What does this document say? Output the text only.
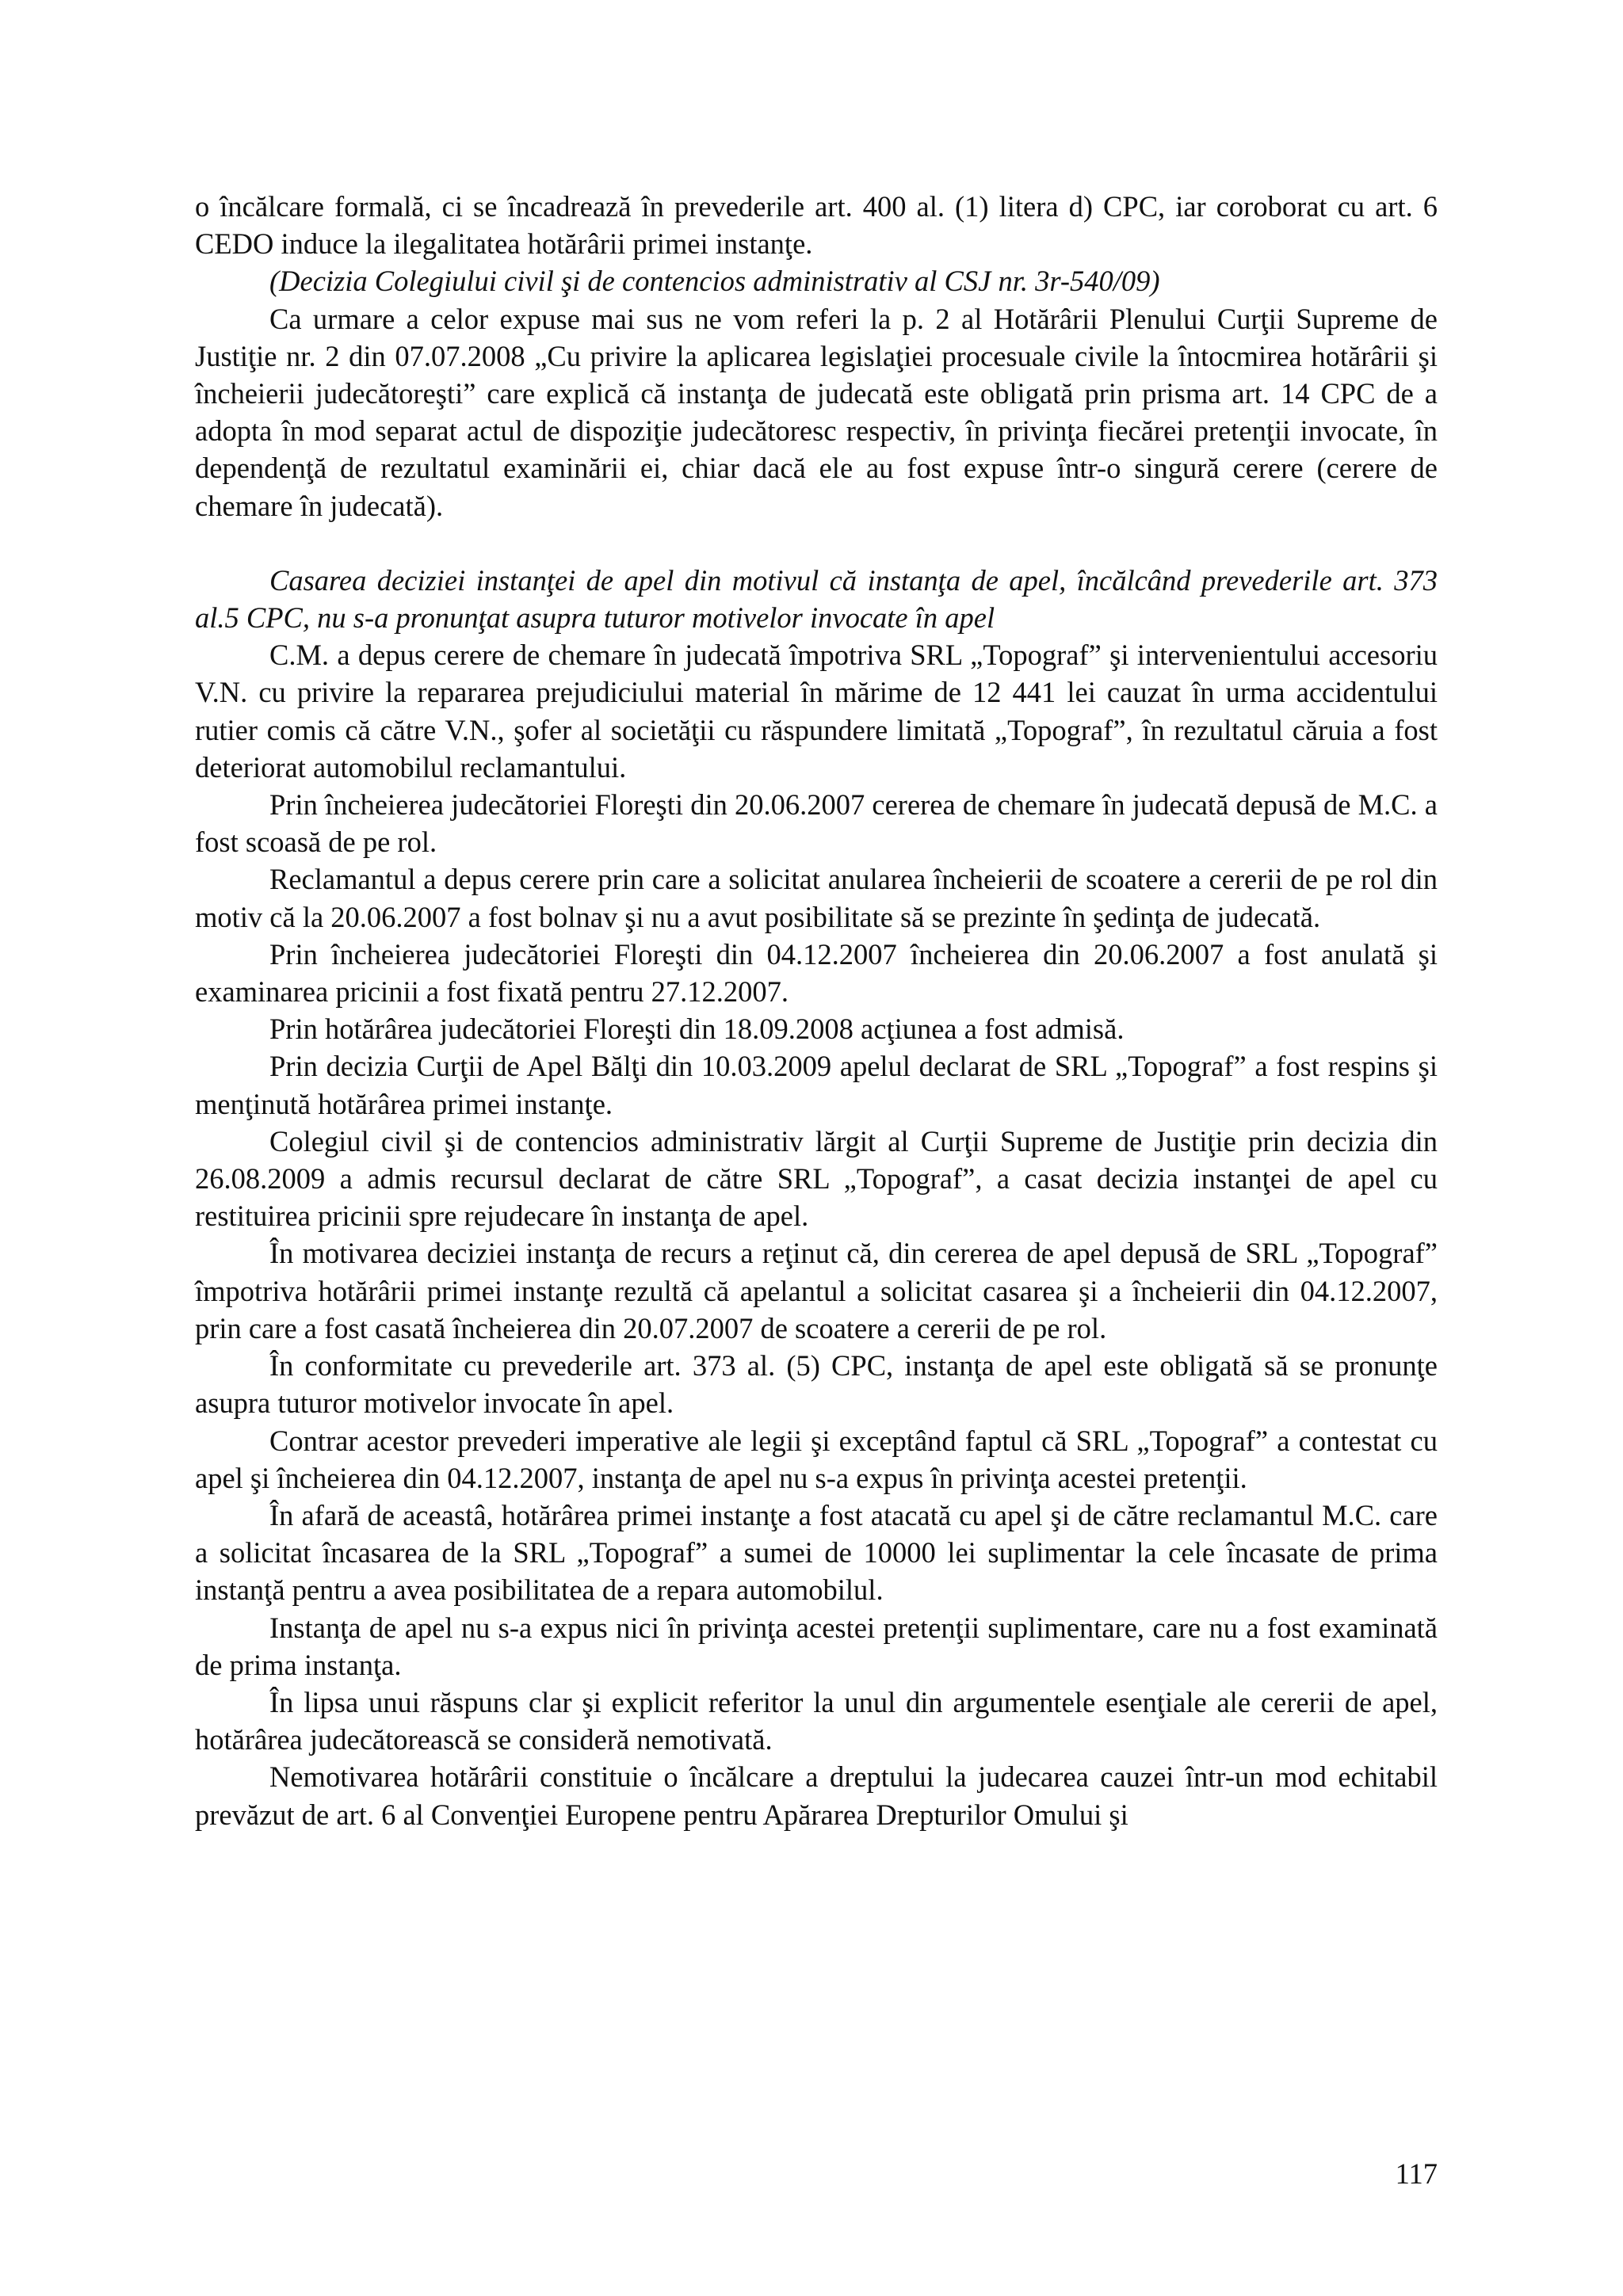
o încălcare formală, ci se încadrează în prevederile art. 400 al. (1) litera d) CPC, iar coroborat cu art. 6 CEDO induce la ilegalitatea hotărârii primei instanţe.

(Decizia Colegiului civil şi de contencios administrativ al CSJ nr. 3r-540/09)

Ca urmare a celor expuse mai sus ne vom referi la p. 2 al Hotărârii Plenului Curţii Supreme de Justiţie nr. 2 din 07.07.2008 „Cu privire la aplicarea legislaţiei procesuale civile la întocmirea hotărârii şi încheierii judecătoreşti” care explică că instanţa de judecată este obligată prin prisma art. 14 CPC de a adopta în mod separat actul de dispoziţie judecătoresc respectiv, în privinţa fiecărei pretenţii invocate, în dependenţă de rezultatul examinării ei, chiar dacă ele au fost expuse într-o singură cerere (cerere de chemare în judecată).

Casarea deciziei instanţei de apel din motivul că instanţa de apel, încălcând prevederile art. 373 al.5 CPC, nu s-a pronunţat asupra tuturor motivelor invocate în apel

C.M. a depus cerere de chemare în judecată împotriva SRL „Topograf” şi intervenientului accesoriu V.N. cu privire la repararea prejudiciului material în mărime de 12 441 lei cauzat în urma accidentului rutier comis că către V.N., şofer al societăţii cu răspundere limitată „Topograf”, în rezultatul căruia a fost deteriorat automobilul reclamantului.

Prin încheierea judecătoriei Floreşti din 20.06.2007 cererea de chemare în judecată depusă de M.C. a fost scoasă de pe rol.

Reclamantul a depus cerere prin care a solicitat anularea încheierii de scoatere a cererii de pe rol din motiv că la 20.06.2007 a fost bolnav şi nu a avut posibilitate să se prezinte în şedinţa de judecată.

Prin încheierea judecătoriei Floreşti din 04.12.2007 încheierea din 20.06.2007 a fost anulată şi examinarea pricinii a fost fixată pentru 27.12.2007.

Prin hotărârea judecătoriei Floreşti din 18.09.2008 acţiunea a fost admisă.

Prin decizia Curţii de Apel Bălţi din 10.03.2009 apelul declarat de SRL „Topograf” a fost respins şi menţinută hotărârea primei instanţe.

Colegiul civil şi de contencios administrativ lărgit al Curţii Supreme de Justiţie prin decizia din 26.08.2009 a admis recursul declarat de către SRL „Topograf”, a casat decizia instanţei de apel cu restituirea pricinii spre rejudecare în instanţa de apel.

În motivarea deciziei instanţa de recurs a reţinut că, din cererea de apel depusă de SRL „Topograf” împotriva hotărârii primei instanţe rezultă că apelantul a solicitat casarea şi a încheierii din 04.12.2007, prin care a fost casată încheierea din 20.07.2007 de scoatere a cererii de pe rol.

În conformitate cu prevederile art. 373 al. (5) CPC, instanţa de apel este obligată să se pronunţe asupra tuturor motivelor invocate în apel.

Contrar acestor prevederi imperative ale legii şi exceptând faptul că SRL „Topograf” a contestat cu apel şi încheierea din 04.12.2007, instanţa de apel nu s-a expus în privinţa acestei pretenţii.

În afară de aceastâ, hotărârea primei instanţe a fost atacată cu apel şi de către reclamantul M.C. care a solicitat încasarea de la SRL „Topograf” a sumei de 10000 lei suplimentar la cele încasate de prima instanţă pentru a avea posibilitatea de a repara automobilul.

Instanţa de apel nu s-a expus nici în privinţa acestei pretenţii suplimentare, care nu a fost examinată de prima instanţa.

În lipsa unui răspuns clar şi explicit referitor la unul din argumentele esenţiale ale cererii de apel, hotărârea judecătorească se consideră nemotivată.

Nemotivarea hotărârii constituie o încălcare a dreptului la judecarea cauzei într-un mod echitabil prevăzut de art. 6 al Convenţiei Europene pentru Apărarea Drepturilor Omului şi

117
